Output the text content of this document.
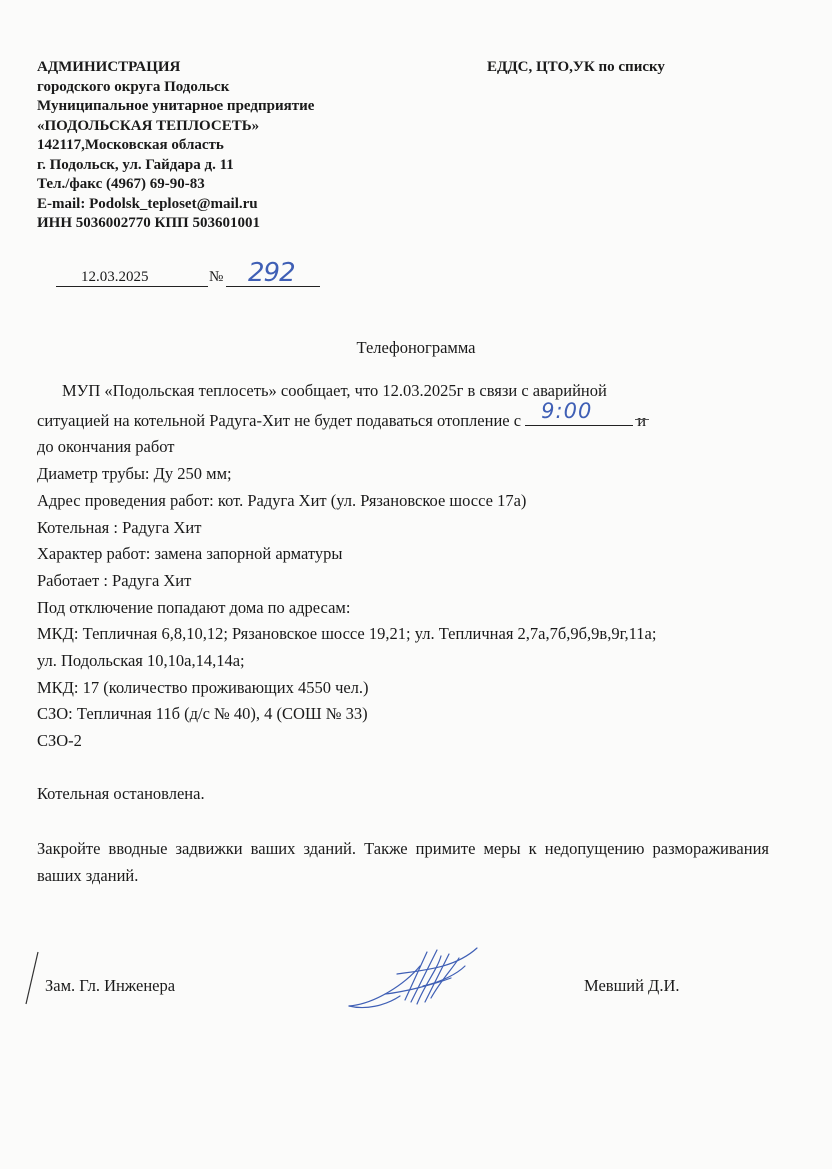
АДМИНИСТРАЦИЯ
городского округа Подольск
Муниципальное унитарное предприятие
«ПОДОЛЬСКАЯ ТЕПЛОСЕТЬ»
142117,Московская область
г. Подольск, ул. Гайдара д. 11
Тел./факс (4967) 69-90-83
E-mail: Podolsk_teploset@mail.ru
ИНН 5036002770 КПП 503601001
ЕДДС, ЦТО,УК по списку
12.03.2025	№ 292
Телефонограмма
МУП «Подольская теплосеть» сообщает, что 12.03.2025г в связи с аварийной
ситуацией на котельной Радуга-Хит не будет подаваться отопление с 9:00	и
до окончания работ
Диаметр трубы: Ду 250 мм;
Адрес проведения работ: кот. Радуга Хит (ул. Рязановское шоссе 17а)
Котельная : Радуга Хит
Характер работ: замена запорной арматуры
Работает : Радуга Хит
Под отключение попадают дома по адресам:
МКД: Тепличная 6,8,10,12; Рязановское шоссе 19,21; ул. Тепличная 2,7а,7б,9б,9в,9г,11а;
ул. Подольская 10,10а,14,14а;
МКД: 17 (количество проживающих 4550 чел.)
СЗО: Тепличная 11б (д/с № 40), 4 (СОШ № 33)
СЗО-2
Котельная остановлена.
Закройте вводные задвижки ваших зданий. Также примите меры к недопущению размораживания ваших зданий.
Зам. Гл. Инженера	Мевший Д.И.
